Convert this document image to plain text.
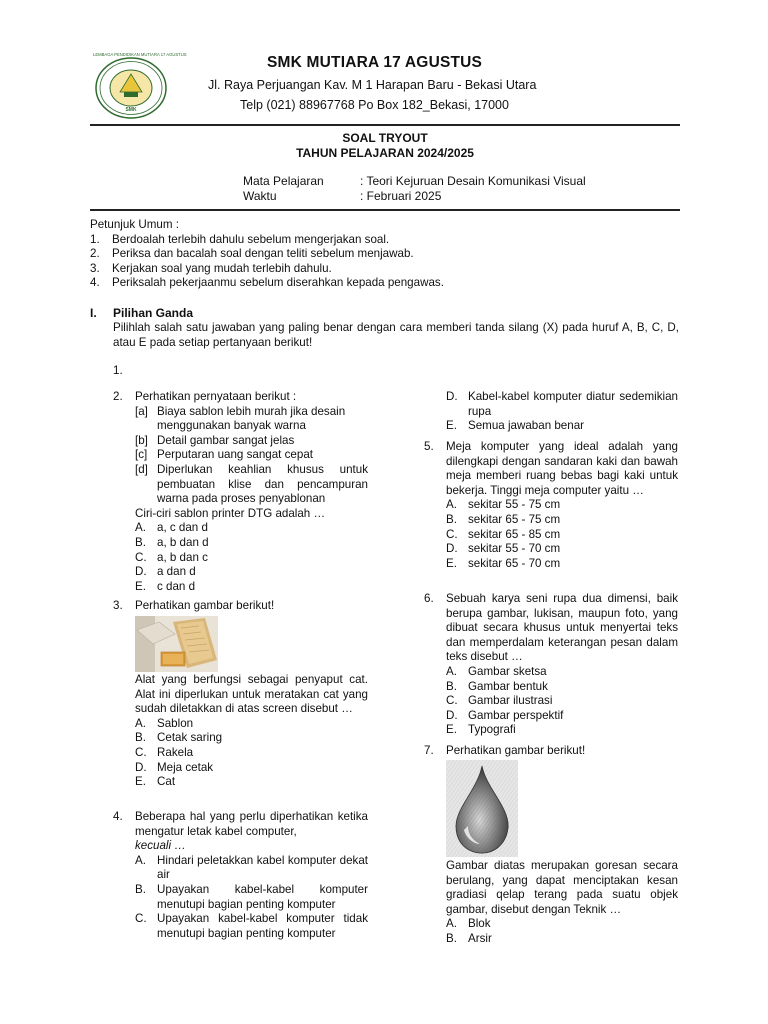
LEMBAGA PENDIDIKAN MUTIARA 17 AGUSTUS
SMK
SMK MUTIARA 17 AGUSTUS
Jl. Raya Perjuangan Kav. M 1 Harapan Baru - Bekasi Utara
Telp (021) 88967768 Po Box 182_Bekasi, 17000
SOAL TRYOUT
TAHUN PELAJARAN 2024/2025
Mata Pelajaran	: Teori Kejuruan Desain Komunikasi Visual
Waktu	: Februari 2025
Petunjuk Umum :
1. Berdoalah terlebih dahulu sebelum mengerjakan soal.
2. Periksa dan bacalah soal dengan teliti sebelum menjawab.
3. Kerjakan soal yang mudah terlebih dahulu.
4. Periksalah pekerjaanmu sebelum diserahkan kepada pengawas.
I. Pilihan Ganda
Pilihlah salah satu jawaban yang paling benar dengan cara memberi tanda silang (X) pada huruf A, B, C, D, atau E pada setiap pertanyaan berikut!
1.
2. Perhatikan pernyataan berikut :
[a] Biaya sablon lebih murah jika desain menggunakan banyak warna
[b] Detail gambar sangat jelas
[c] Perputaran uang sangat cepat
[d] Diperlukan keahlian khusus untuk pembuatan klise dan pencampuran warna pada proses penyablonan
Ciri-ciri sablon printer DTG adalah …
A. a, c dan d
B. a, b dan d
C. a, b dan c
D. a dan d
E. c dan d
3. Perhatikan gambar berikut!
Alat yang berfungsi sebagai penyaput cat. Alat ini diperlukan untuk meratakan cat yang sudah diletakkan di atas screen disebut …
A. Sablon
B. Cetak saring
C. Rakela
D. Meja cetak
E. Cat
4. Beberapa hal yang perlu diperhatikan ketika mengatur letak kabel computer,
kecuali …
A. Hindari peletakkan kabel komputer dekat air
B. Upayakan kabel-kabel komputer menutupi bagian penting komputer
C. Upayakan kabel-kabel komputer tidak menutupi bagian penting komputer
D. Kabel-kabel komputer diatur sedemikian rupa
E. Semua jawaban benar
5. Meja komputer yang ideal adalah yang dilengkapi dengan sandaran kaki dan bawah meja memberi ruang bebas bagi kaki untuk bekerja. Tinggi meja computer yaitu …
A. sekitar 55 - 75 cm
B. sekitar 65 - 75 cm
C. sekitar 65 - 85 cm
D. sekitar 55 - 70 cm
E. sekitar 65 - 70 cm
6. Sebuah karya seni rupa dua dimensi, baik berupa gambar, lukisan, maupun foto, yang dibuat secara khusus untuk menyertai teks dan memperdalam keterangan pesan dalam teks disebut …
A. Gambar sketsa
B. Gambar bentuk
C. Gambar ilustrasi
D. Gambar perspektif
E. Typografi
7. Perhatikan gambar berikut!
Gambar diatas merupakan goresan secara berulang, yang dapat menciptakan kesan gradiasi qelap terang pada suatu objek gambar, disebut dengan Teknik …
A. Blok
B. Arsir
